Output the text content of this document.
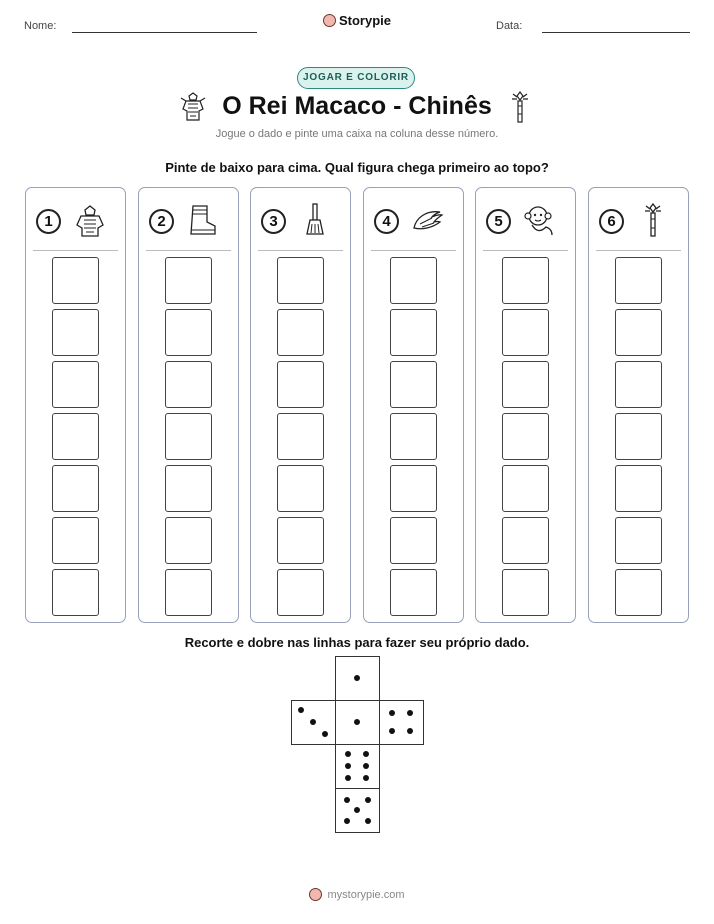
Nome:	Storypie	Data:
JOGAR E COLORIR
O Rei Macaco - Chinês
Jogue o dado e pinte uma caixa na coluna desse número.
Pinte de baixo para cima. Qual figura chega primeiro ao topo?
1	2	3	4	5	6
Recorte e dobre nas linhas para fazer seu próprio dado.
mystorypie.com
